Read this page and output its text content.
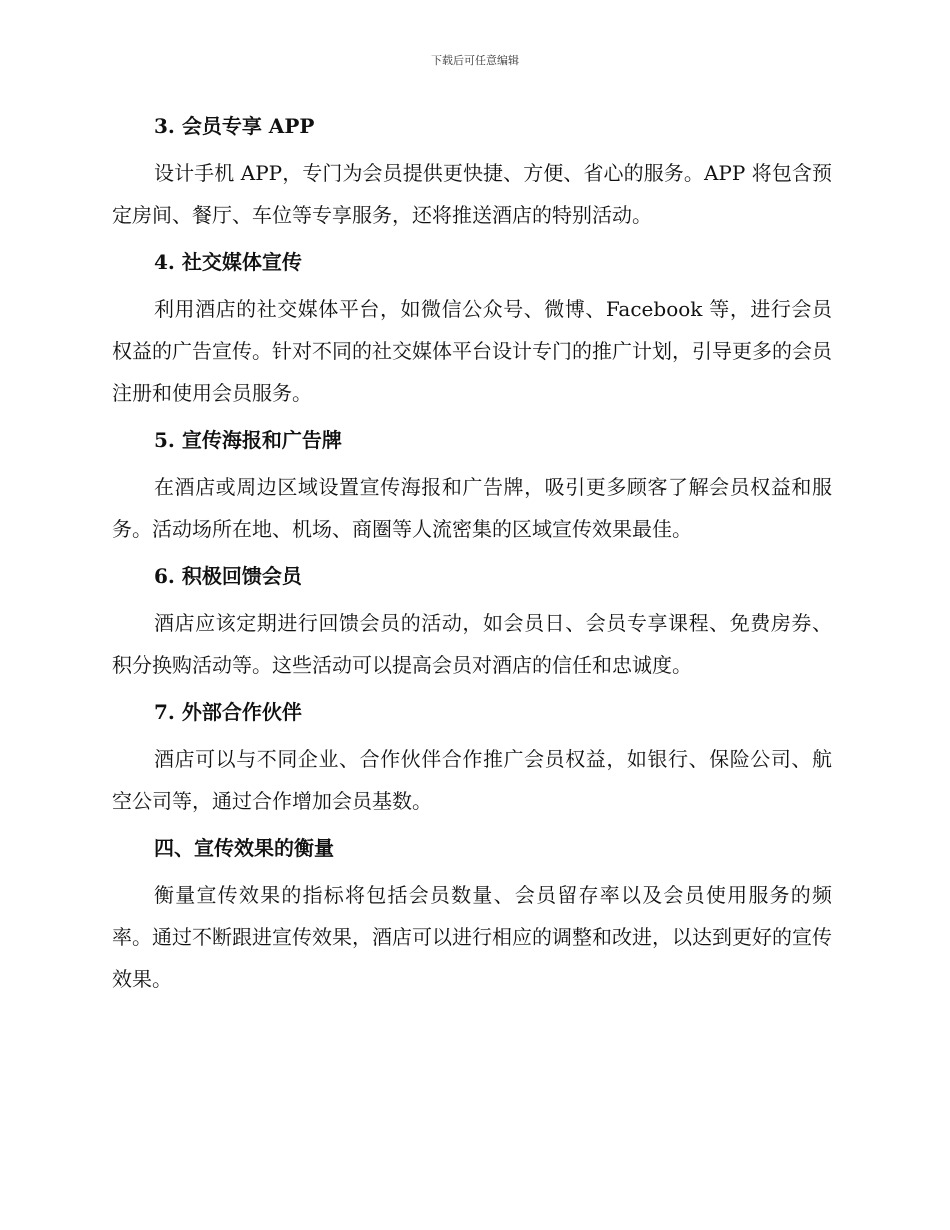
下载后可任意编辑
3. 会员专享 APP

设计手机 APP，专门为会员提供更快捷、方便、省心的服务。APP 将包含预定房间、餐厅、车位等专享服务，还将推送酒店的特别活动。

4. 社交媒体宣传

利用酒店的社交媒体平台，如微信公众号、微博、Facebook 等，进行会员权益的广告宣传。针对不同的社交媒体平台设计专门的推广计划，引导更多的会员注册和使用会员服务。

5. 宣传海报和广告牌

在酒店或周边区域设置宣传海报和广告牌，吸引更多顾客了解会员权益和服务。活动场所在地、机场、商圈等人流密集的区域宣传效果最佳。

6. 积极回馈会员

酒店应该定期进行回馈会员的活动，如会员日、会员专享课程、免费房券、积分换购活动等。这些活动可以提高会员对酒店的信任和忠诚度。

7. 外部合作伙伴

酒店可以与不同企业、合作伙伴合作推广会员权益，如银行、保险公司、航空公司等，通过合作增加会员基数。

四、宣传效果的衡量

衡量宣传效果的指标将包括会员数量、会员留存率以及会员使用服务的频率。通过不断跟进宣传效果，酒店可以进行相应的调整和改进，以达到更好的宣传效果。
